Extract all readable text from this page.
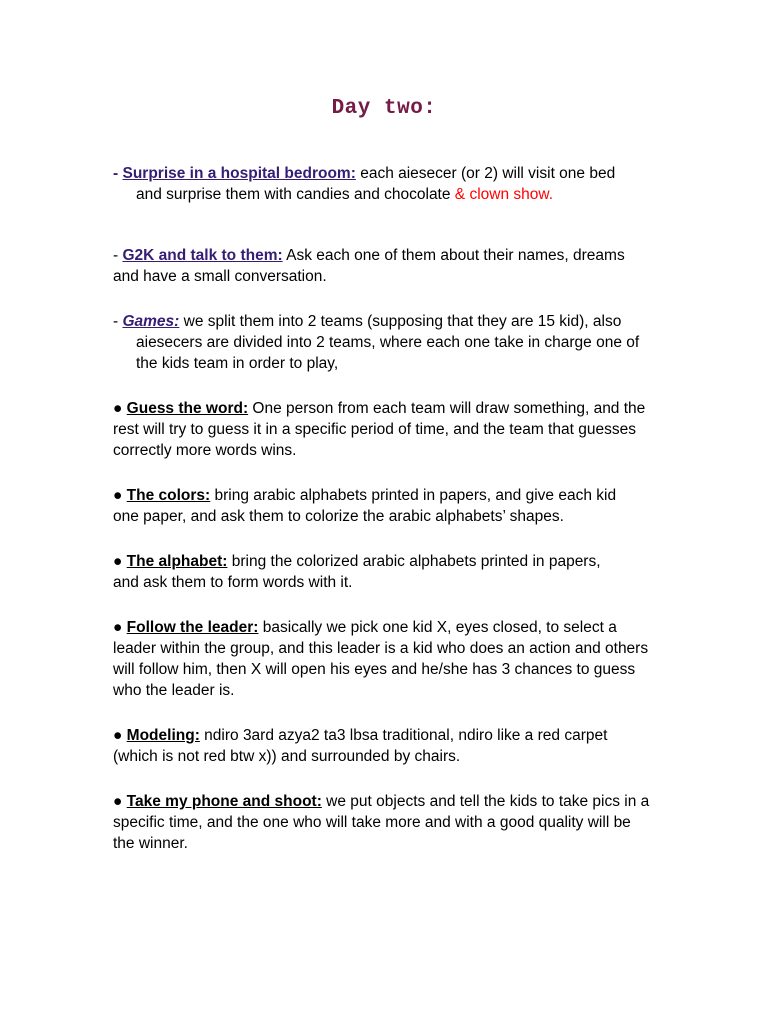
Day two:
- Surprise in a hospital bedroom: each aiesecer (or 2) will visit one bed
and surprise them with candies and chocolate & clown show.
- G2K and talk to them: Ask each one of them about their names, dreams
and have a small conversation.
- Games: we split them into 2 teams (supposing that they are 15 kid), also
aiesecers are divided into 2 teams, where each one take in charge one of
the kids team in order to play,
● Guess the word: One person from each team will draw something, and the
rest will try to guess it in a specific period of time, and the team that guesses
correctly more words wins.
● The colors: bring arabic alphabets printed in papers, and give each kid
one paper, and ask them to colorize the arabic alphabets’ shapes.
● The alphabet: bring the colorized arabic alphabets printed in papers,
and ask them to form words with it.
● Follow the leader: basically we pick one kid X, eyes closed, to select a
leader within the group, and this leader is a kid who does an action and others
will follow him, then X will open his eyes and he/she has 3 chances to guess
who the leader is.
● Modeling: ndiro 3ard azya2 ta3 lbsa traditional, ndiro like a red carpet
(which is not red btw x)) and surrounded by chairs.
● Take my phone and shoot: we put objects and tell the kids to take pics in a
specific time, and the one who will take more and with a good quality will be
the winner.
